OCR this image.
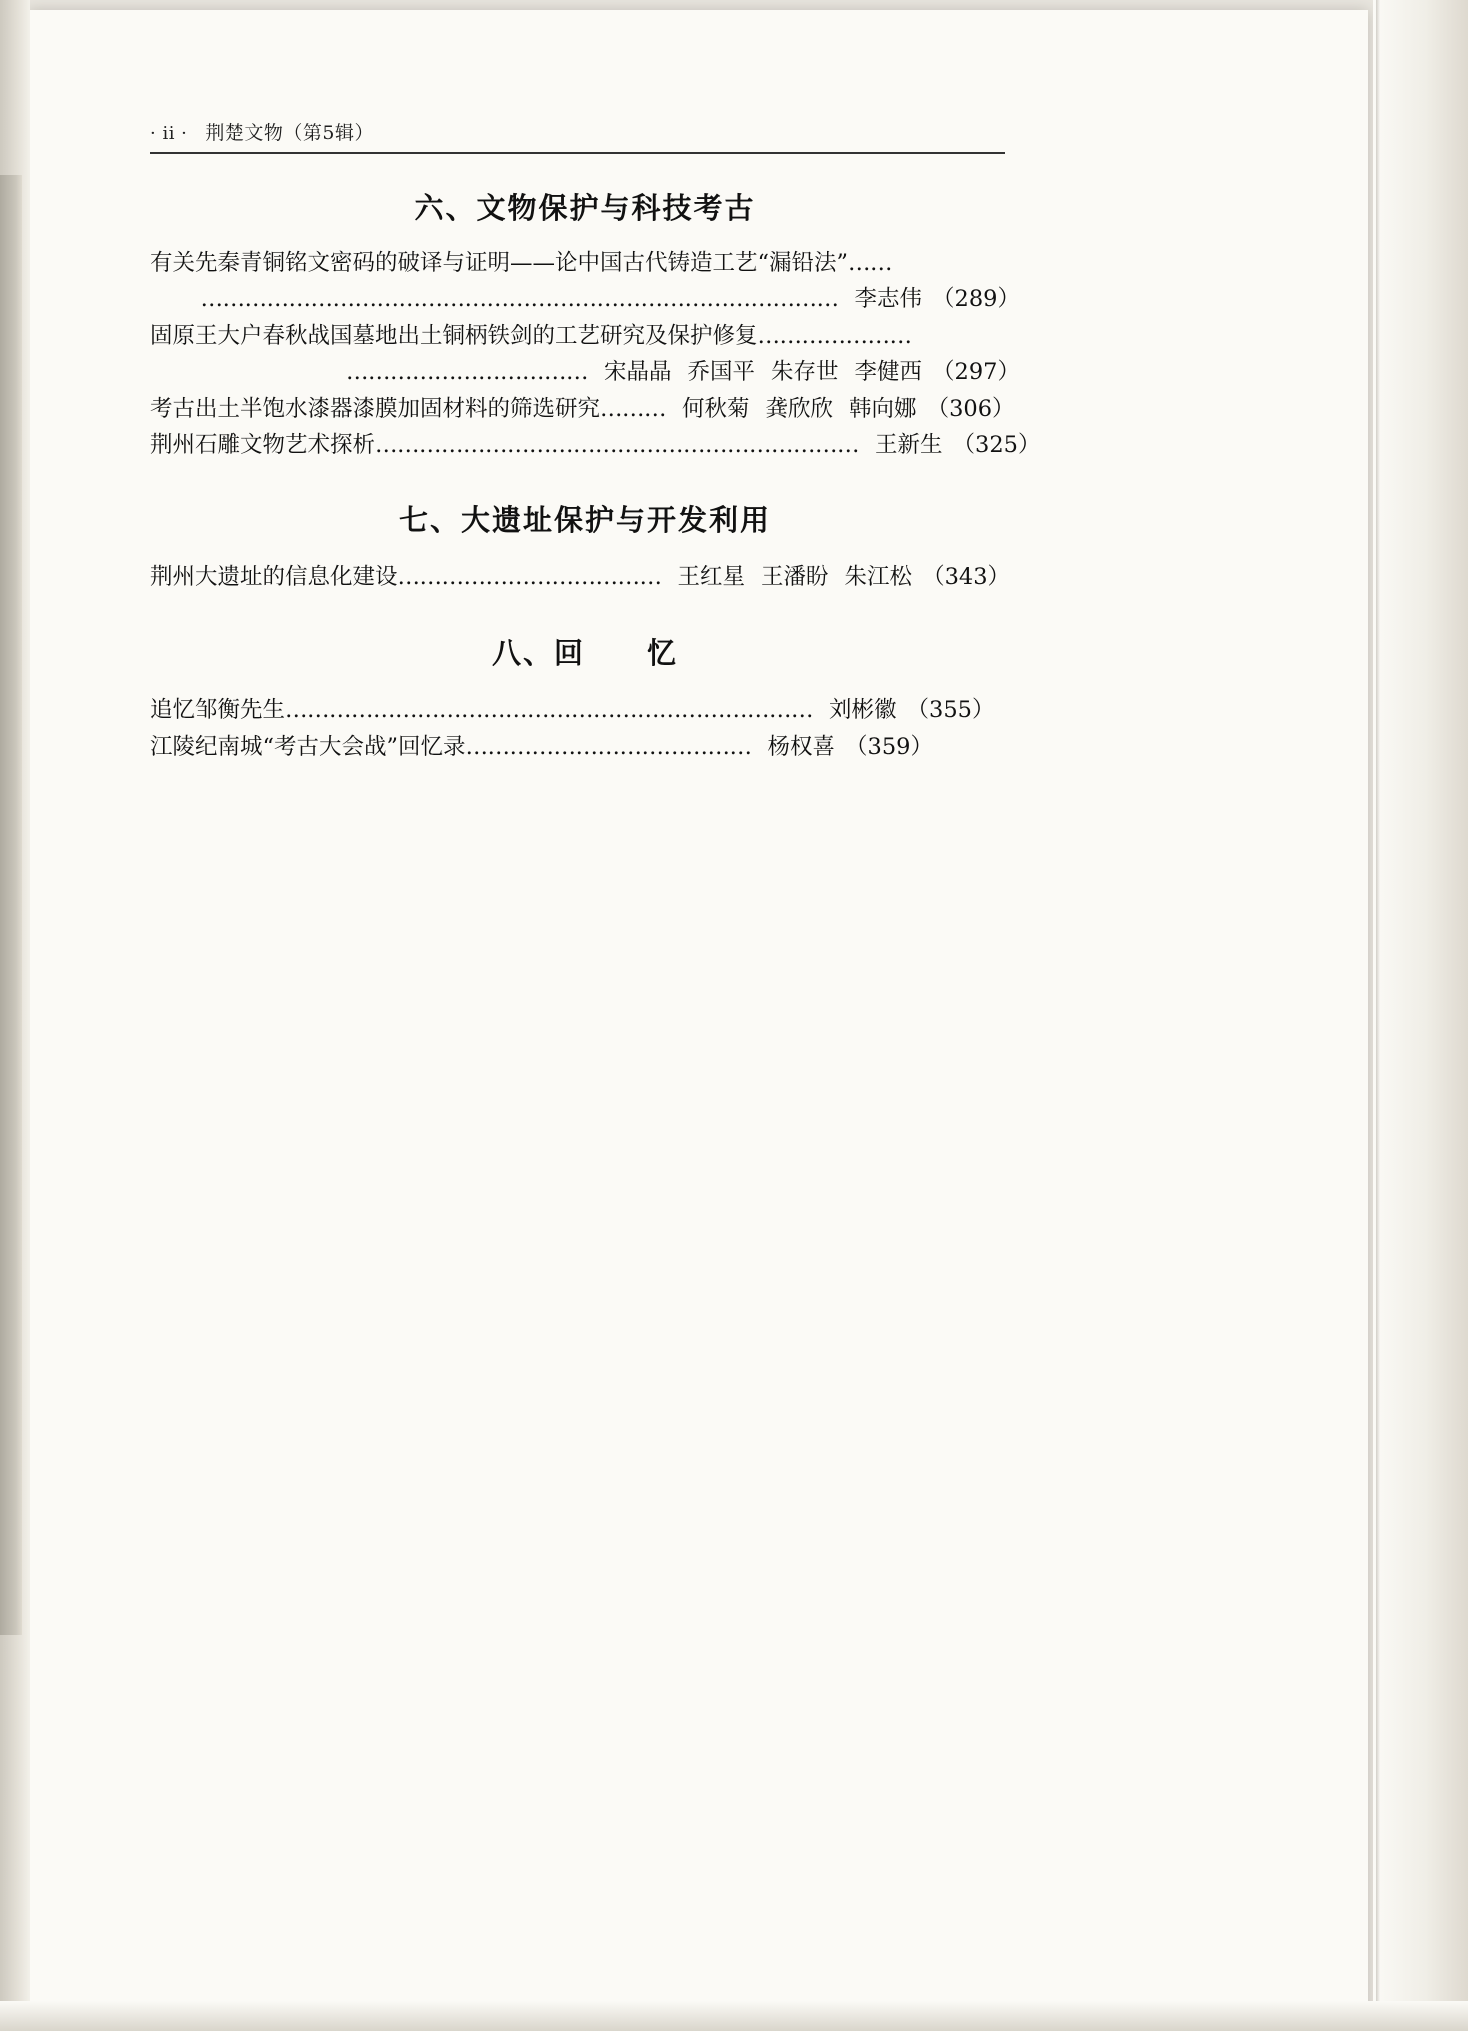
· ii · 荆楚文物（第5辑）
六、文物保护与科技考古
有关先秦青铜铭文密码的破译与证明——论中国古代铸造工艺“漏铅法”……
…………………………………………………………………………… 李志伟 （289）
固原王大户春秋战国墓地出土铜柄铁剑的工艺研究及保护修复…………………
…………………………… 宋晶晶 乔国平 朱存世 李健西 （297）
考古出土半饱水漆器漆膜加固材料的筛选研究……… 何秋菊 龚欣欣 韩向娜 （306）
荆州石雕文物艺术探析………………………………………………………… 王新生 （325）
七、大遗址保护与开发利用
荆州大遗址的信息化建设……………………………… 王红星 王潘盼 朱江松 （343）
八、回　　忆
追忆邹衡先生……………………………………………………………… 刘彬徽 （355）
江陵纪南城“考古大会战”回忆录………………………………… 杨权喜 （359）
